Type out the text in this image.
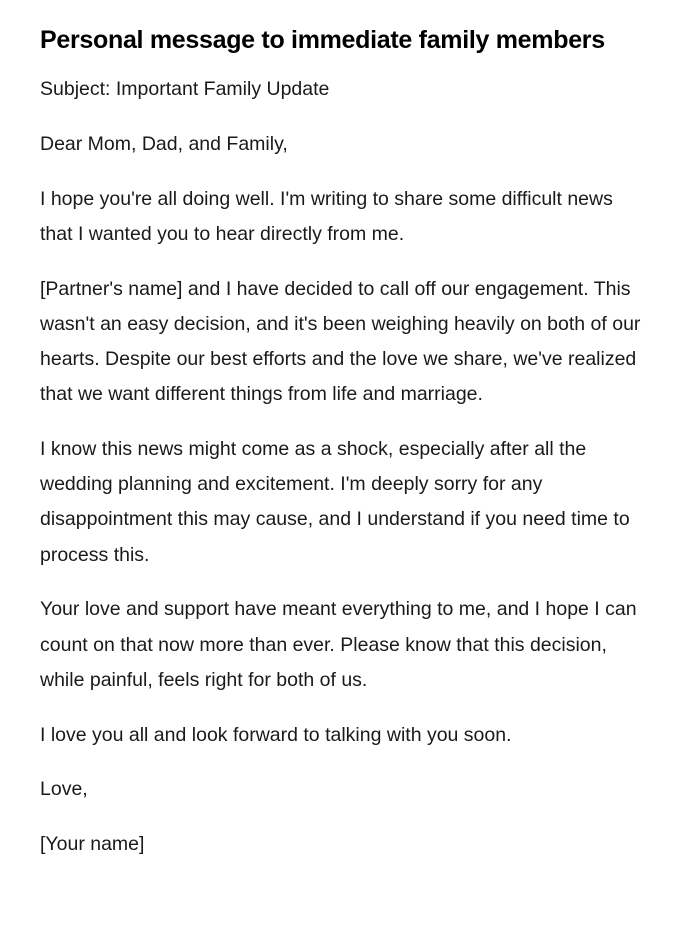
Personal message to immediate family members

Subject: Important Family Update

Dear Mom, Dad, and Family,

I hope you're all doing well. I'm writing to share some difficult news that I wanted you to hear directly from me.

[Partner's name] and I have decided to call off our engagement. This wasn't an easy decision, and it's been weighing heavily on both of our hearts. Despite our best efforts and the love we share, we've realized that we want different things from life and marriage.

I know this news might come as a shock, especially after all the wedding planning and excitement. I'm deeply sorry for any disappointment this may cause, and I understand if you need time to process this.

Your love and support have meant everything to me, and I hope I can count on that now more than ever. Please know that this decision, while painful, feels right for both of us.

I love you all and look forward to talking with you soon.

Love,

[Your name]
